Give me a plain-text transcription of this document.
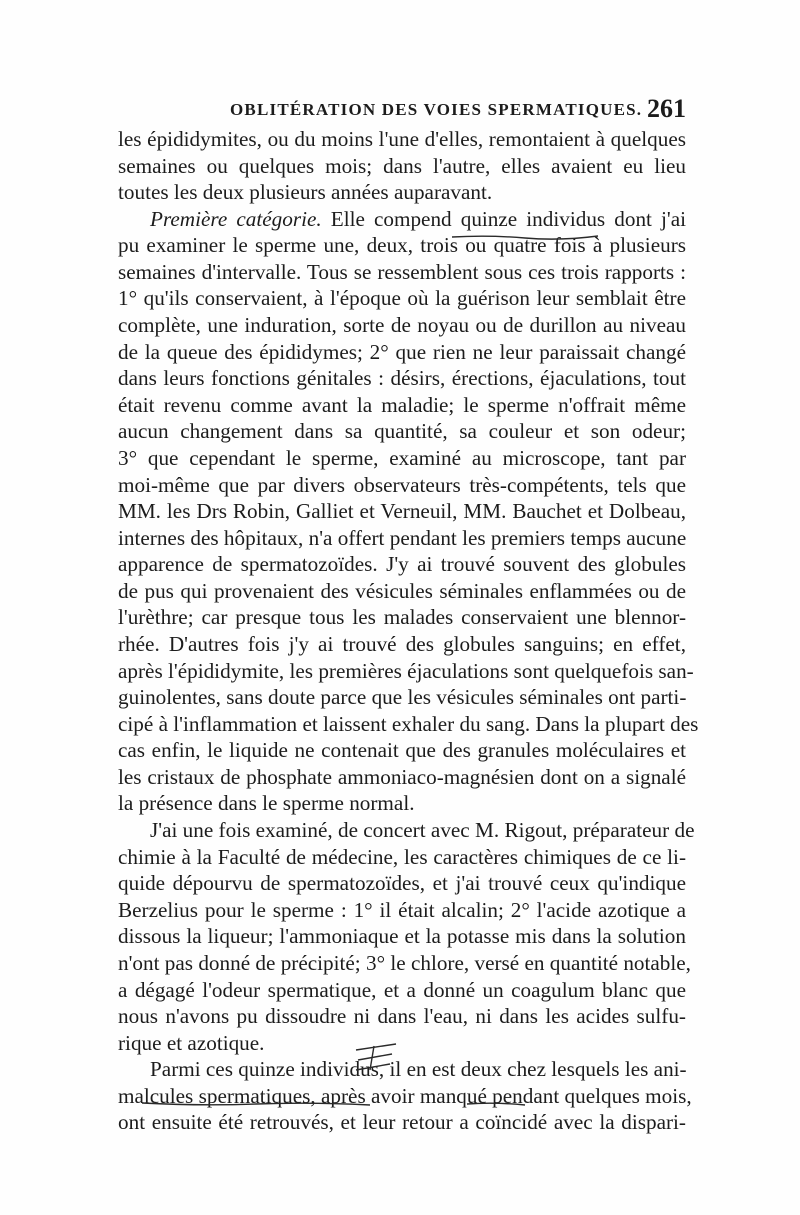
OBLITÉRATION DES VOIES SPERMATIQUES. 261
les épididymites, ou du moins l'une d'elles, remontaient à quelques
semaines ou quelques mois; dans l'autre, elles avaient eu lieu
toutes les deux plusieurs années auparavant.
Première catégorie. Elle compend quinze individus dont j'ai
pu examiner le sperme une, deux, trois ou quatre fois à plusieurs
semaines d'intervalle. Tous se ressemblent sous ces trois rapports :
1° qu'ils conservaient, à l'époque où la guérison leur semblait être
complète, une induration, sorte de noyau ou de durillon au niveau
de la queue des épididymes; 2° que rien ne leur paraissait changé
dans leurs fonctions génitales : désirs, érections, éjaculations, tout
était revenu comme avant la maladie; le sperme n'offrait même
aucun changement dans sa quantité, sa couleur et son odeur;
3° que cependant le sperme, examiné au microscope, tant par
moi-même que par divers observateurs très-compétents, tels que
MM. les Drs Robin, Galliet et Verneuil, MM. Bauchet et Dolbeau,
internes des hôpitaux, n'a offert pendant les premiers temps aucune
apparence de spermatozoïdes. J'y ai trouvé souvent des globules
de pus qui provenaient des vésicules séminales enflammées ou de
l'urèthre; car presque tous les malades conservaient une blennor-
rhée. D'autres fois j'y ai trouvé des globules sanguins; en effet,
après l'épididymite, les premières éjaculations sont quelquefois san-
guinolentes, sans doute parce que les vésicules séminales ont parti-
cipé à l'inflammation et laissent exhaler du sang. Dans la plupart des
cas enfin, le liquide ne contenait que des granules moléculaires et
les cristaux de phosphate ammoniaco-magnésien dont on a signalé
la présence dans le sperme normal.
J'ai une fois examiné, de concert avec M. Rigout, préparateur de
chimie à la Faculté de médecine, les caractères chimiques de ce li-
quide dépourvu de spermatozoïdes, et j'ai trouvé ceux qu'indique
Berzelius pour le sperme : 1° il était alcalin; 2° l'acide azotique a
dissous la liqueur; l'ammoniaque et la potasse mis dans la solution
n'ont pas donné de précipité; 3° le chlore, versé en quantité notable,
a dégagé l'odeur spermatique, et a donné un coagulum blanc que
nous n'avons pu dissoudre ni dans l'eau, ni dans les acides sulfu-
rique et azotique.
Parmi ces quinze individus, il en est deux chez lesquels les ani-
malcules spermatiques, après avoir manqué pendant quelques mois,
ont ensuite été retrouvés, et leur retour a coïncidé avec la dispari-
